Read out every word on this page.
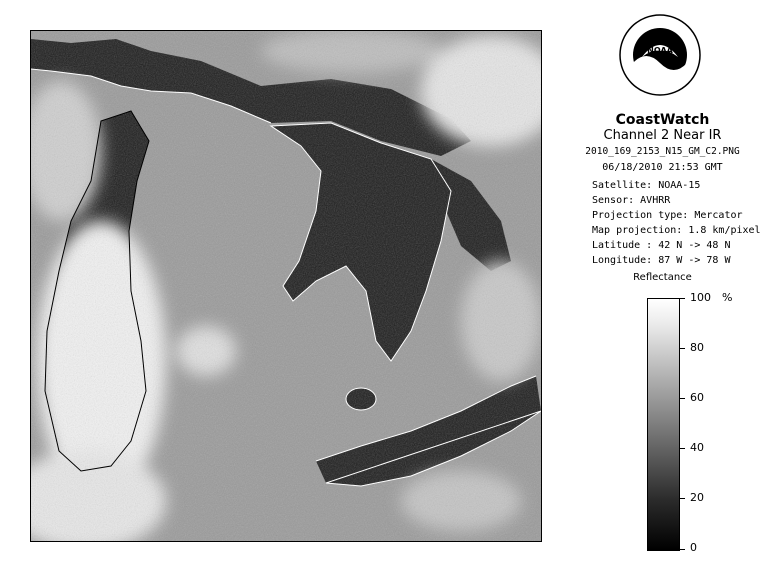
NOAA
CoastWatch
Channel 2 Near IR
2010_169_2153_N15_GM_C2.PNG
06/18/2010 21:53 GMT
Satellite: NOAA-15
Sensor: AVHRR
Projection type: Mercator
Map projection: 1.8 km/pixel
Latitude : 42 N -> 48 N
Longitude: 87 W -> 78 W
Reflectance
%
100
80
60
40
20
0
